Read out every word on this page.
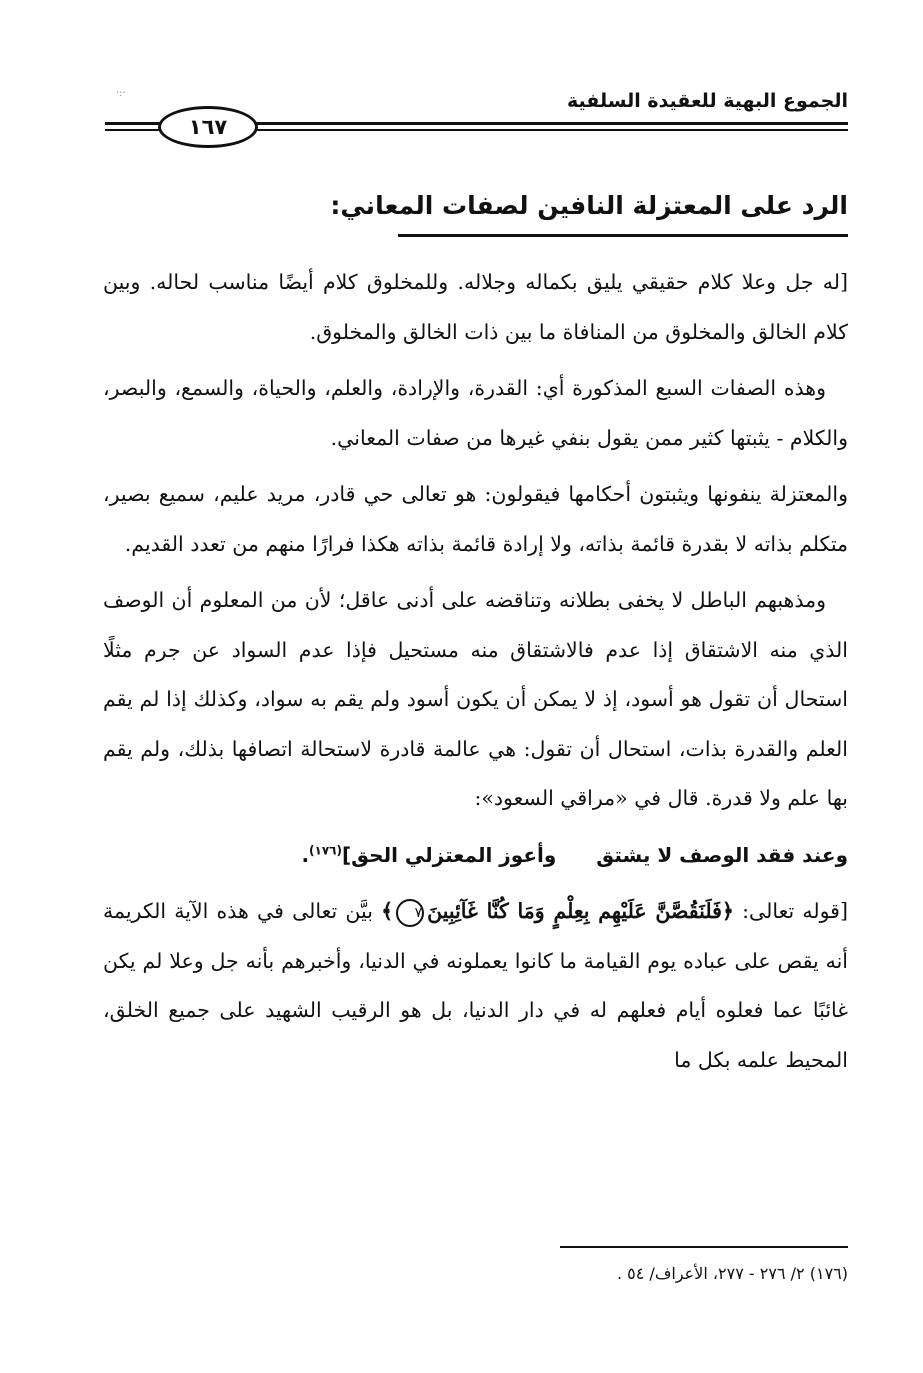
·:·	الجموع البهية للعقيدة السلفية
١٦٧
الرد على المعتزلة النافين لصفات المعاني:

[له جل وعلا كلام حقيقي يليق بكماله وجلاله. وللمخلوق كلام أيضًا مناسب لحاله. وبين كلام الخالق والمخلوق من المنافاة ما بين ذات الخالق والمخلوق.

وهذه الصفات السبع المذكورة أي: القدرة، والإرادة، والعلم، والحياة، والسمع، والبصر، والكلام - يثبتها كثير ممن يقول بنفي غيرها من صفات المعاني.

والمعتزلة ينفونها ويثبتون أحكامها فيقولون: هو تعالى حي قادر، مريد عليم، سميع بصير، متكلم بذاته لا بقدرة قائمة بذاته، ولا إرادة قائمة بذاته هكذا فرارًا منهم من تعدد القديم.

ومذهبهم الباطل لا يخفى بطلانه وتناقضه على أدنى عاقل؛ لأن من المعلوم أن الوصف الذي منه الاشتقاق إذا عدم فالاشتقاق منه مستحيل فإذا عدم السواد عن جرم مثلًا استحال أن تقول هو أسود، إذ لا يمكن أن يكون أسود ولم يقم به سواد، وكذلك إذا لم يقم العلم والقدرة بذات، استحال أن تقول: هي عالمة قادرة لاستحالة اتصافها بذلك، ولم يقم بها علم ولا قدرة. قال في «مراقي السعود»:

وعند فقد الوصف لا يشتقوأعوز المعتزلي الحق]$^{(١٧٦)}$.

[قوله تعالى: ﴿فَلَنَقُصَّنَّ عَلَيْهِم بِعِلْمٍ وَمَا كُنَّا غَآئِبِينَ٧﴾ بيَّن تعالى في هذه الآية الكريمة أنه يقص على عباده يوم القيامة ما كانوا يعملونه في الدنيا، وأخبرهم بأنه جل وعلا لم يكن غائبًا عما فعلوه أيام فعلهم له في دار الدنيا، بل هو الرقيب الشهيد على جميع الخلق، المحيط علمه بكل ما

(١٧٦) ٢/ ٢٧٦ - ٢٧٧، الأعراف/ ٥٤ .
